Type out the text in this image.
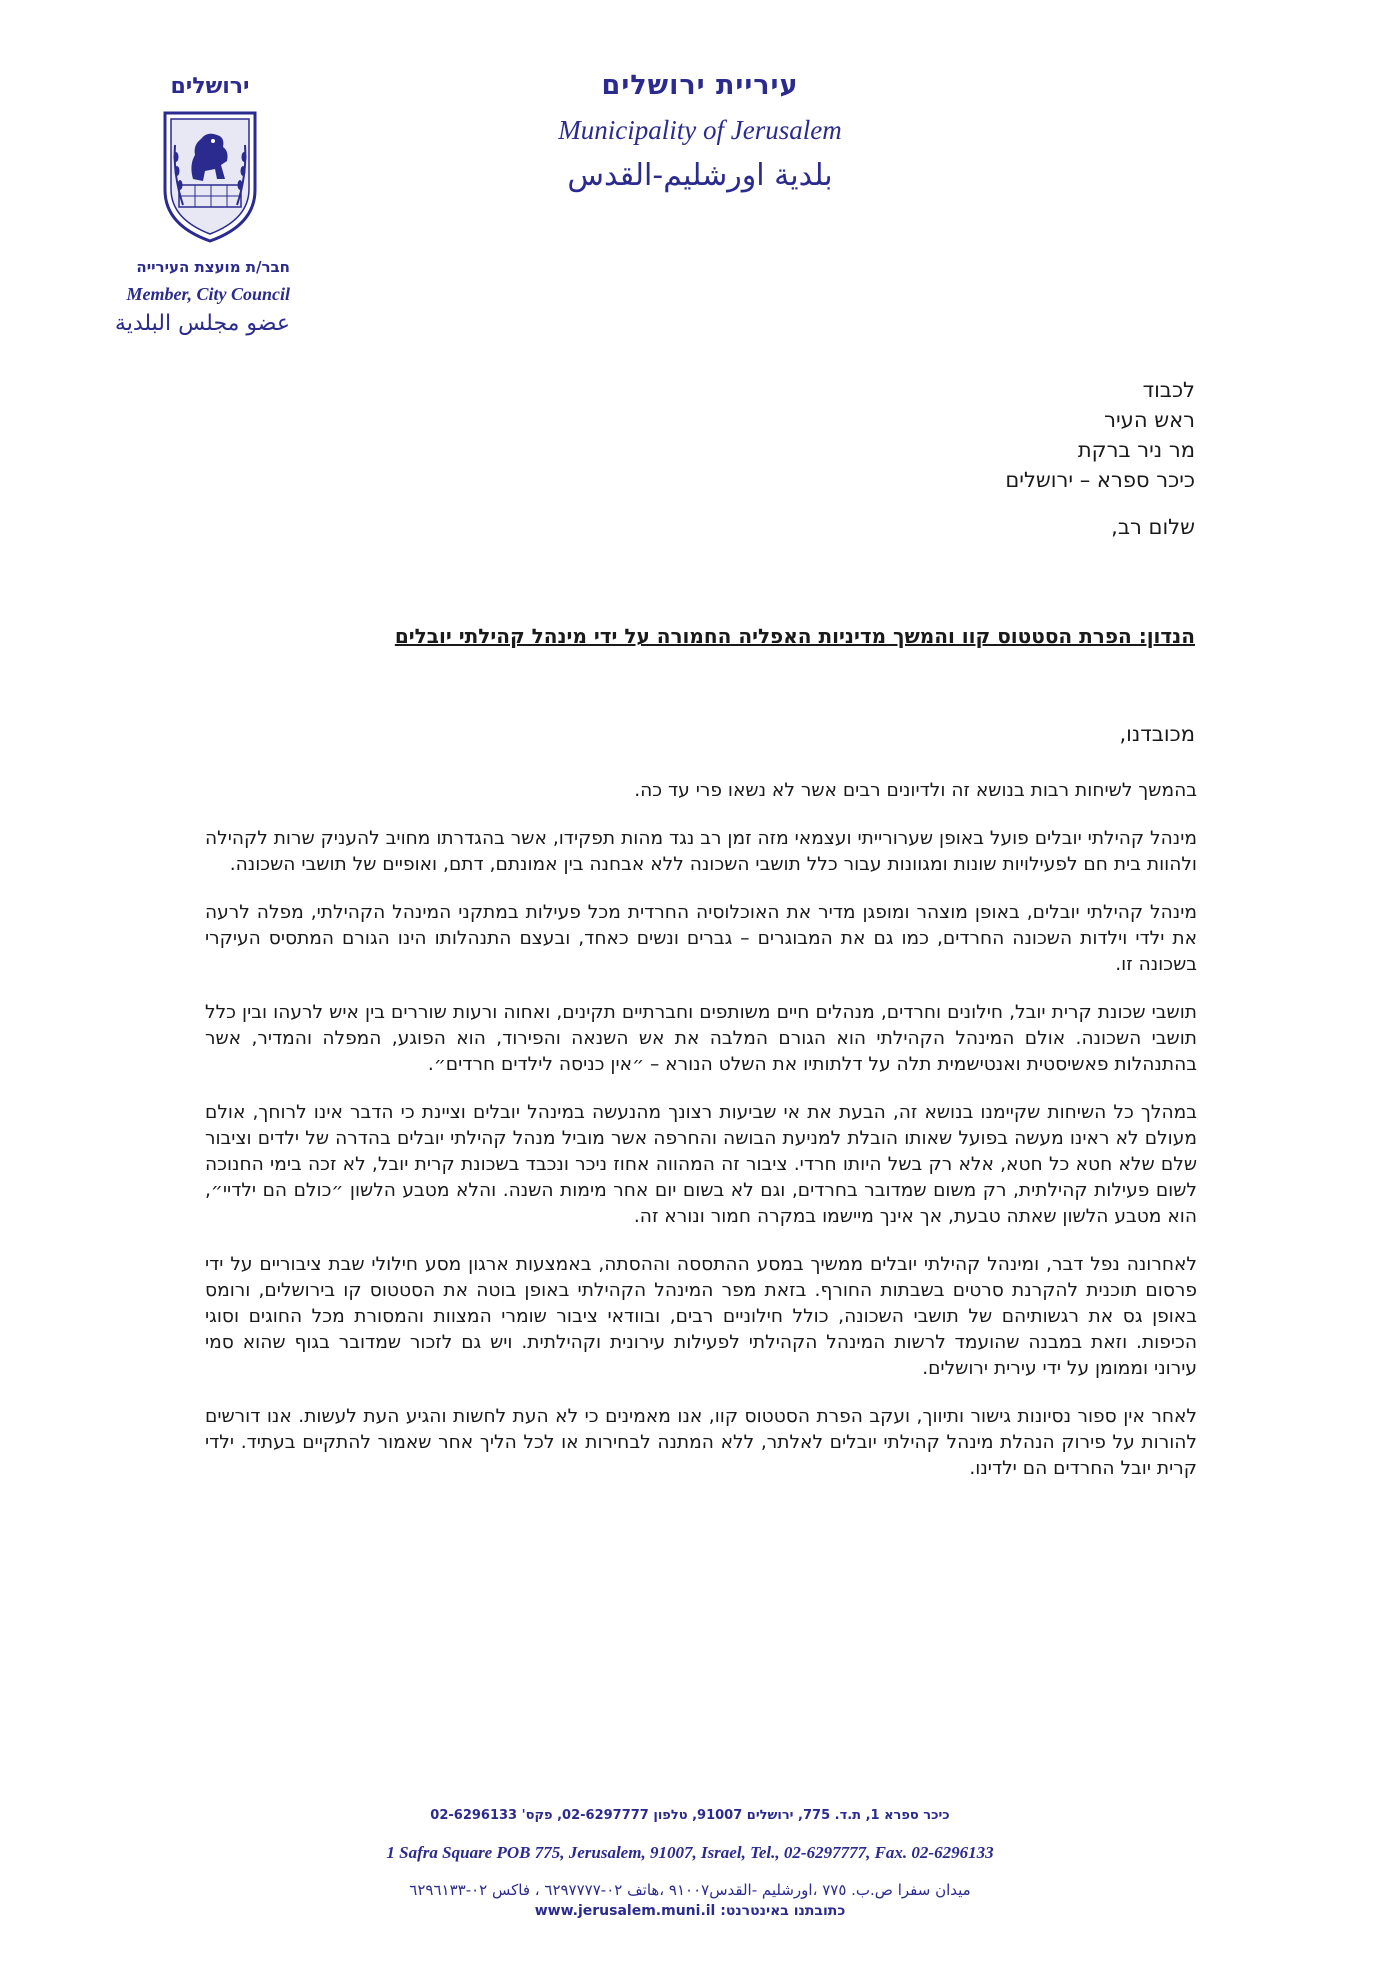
עיריית ירושלים
Municipality of Jerusalem
بلدية اورشليم-القدس
ירושלים
חבר/ת מועצת העירייה
Member, City Council
عضو مجلس البلدية
לכבוד
ראש העיר
מר ניר ברקת
כיכר ספרא – ירושלים
שלום רב,
הנדון: הפרת הסטטוס קוו והמשך מדיניות האפליה החמורה על ידי מינהל קהילתי יובלים
מכובדנו,

בהמשך לשיחות רבות בנושא זה ולדיונים רבים אשר לא נשאו פרי עד כה.

מינהל קהילתי יובלים פועל באופן שערורייתי ועצמאי מזה זמן רב נגד מהות תפקידו, אשר בהגדרתו מחויב להעניק שרות לקהילה ולהוות בית חם לפעילויות שונות ומגוונות עבור כלל תושבי השכונה ללא אבחנה בין אמונתם, דתם, ואופיים של תושבי השכונה.

מינהל קהילתי יובלים, באופן מוצהר ומופגן מדיר את האוכלוסיה החרדית מכל פעילות במתקני המינהל הקהילתי, מפלה לרעה את ילדי וילדות השכונה החרדים, כמו גם את המבוגרים – גברים ונשים כאחד, ובעצם התנהלותו הינו הגורם המתסיס העיקרי בשכונה זו.

תושבי שכונת קרית יובל, חילונים וחרדים, מנהלים חיים משותפים וחברתיים תקינים, ואחוה ורעות שוררים בין איש לרעהו ובין כלל תושבי השכונה. אולם המינהל הקהילתי הוא הגורם המלבה את אש השנאה והפירוד, הוא הפוגע, המפלה והמדיר, אשר בהתנהלות פאשיסטית ואנטישמית תלה על דלתותיו את השלט הנורא – ״אין כניסה לילדים חרדים״.

במהלך כל השיחות שקיימנו בנושא זה, הבעת את אי שביעות רצונך מהנעשה במינהל יובלים וציינת כי הדבר אינו לרוחך, אולם מעולם לא ראינו מעשה בפועל שאותו הובלת למניעת הבושה והחרפה אשר מוביל מנהל קהילתי יובלים בהדרה של ילדים וציבור שלם שלא חטא כל חטא, אלא רק בשל היותו חרדי. ציבור זה המהווה אחוז ניכר ונכבד בשכונת קרית יובל, לא זכה בימי החנוכה לשום פעילות קהילתית, רק משום שמדובר בחרדים, וגם לא בשום יום אחר מימות השנה. והלא מטבע הלשון ״כולם הם ילדיי״, הוא מטבע הלשון שאתה טבעת, אך אינך מיישמו במקרה חמור ונורא זה.

לאחרונה נפל דבר, ומינהל קהילתי יובלים ממשיך במסע ההתססה וההסתה, באמצעות ארגון מסע חילולי שבת ציבוריים על ידי פרסום תוכנית להקרנת סרטים בשבתות החורף. בזאת מפר המינהל הקהילתי באופן בוטה את הסטטוס קו בירושלים, ורומס באופן גס את רגשותיהם של תושבי השכונה, כולל חילוניים רבים, ובוודאי ציבור שומרי המצוות והמסורת מכל החוגים וסוגי הכיפות. וזאת במבנה שהועמד לרשות המינהל הקהילתי לפעילות עירונית וקהילתית. ויש גם לזכור שמדובר בגוף שהוא סמי עירוני וממומן על ידי עירית ירושלים.

לאחר אין ספור נסיונות גישור ותיווך, ועקב הפרת הסטטוס קוו, אנו מאמינים כי לא העת לחשות והגיע העת לעשות. אנו דורשים להורות על פירוק הנהלת מינהל קהילתי יובלים לאלתר, ללא המתנה לבחירות או לכל הליך אחר שאמור להתקיים בעתיד. ילדי קרית יובל החרדים הם ילדינו.

כיכר ספרא 1, ת.ד. 775, ירושלים 91007, טלפון 02-6297777, פקס' 02-6296133
1 Safra Square POB 775, Jerusalem, 91007, Israel, Tel., 02-6297777, Fax. 02-6296133
ميدان سفرا ص.ب. ٧٧٥ ،اورشليم -القدس٩١٠٠٧ ،هاتف ٠٢-٦٢٩٧٧٧٧ ، فاكس ٠٢-٦٢٩٦١٣٣
כתובתנו באינטרנט: www.jerusalem.muni.il
